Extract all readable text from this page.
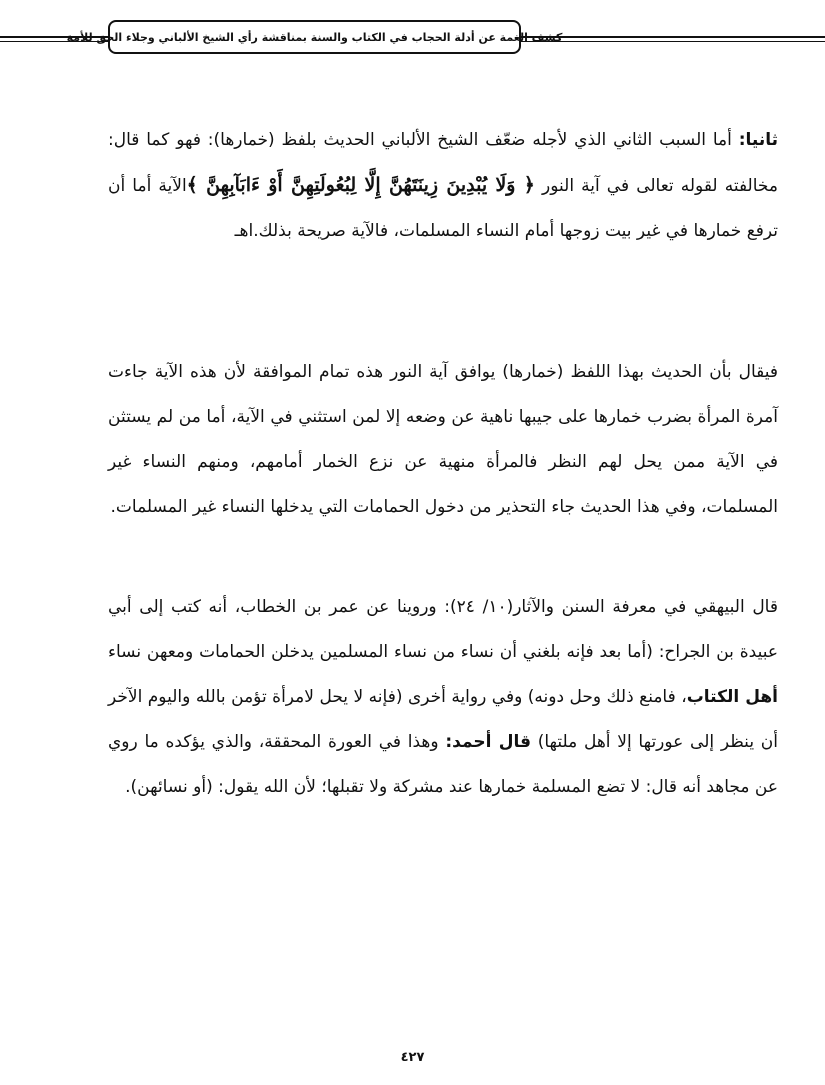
كشف الغمة عن أدلة الحجاب في الكتاب والسنة بمناقشة رأي الشيخ الألباني وجلاء الحق للأمة

ثانيا: أما السبب الثاني الذي لأجله ضعّف الشيخ الألباني الحديث بلفظ (خمارها): فهو كما قال: مخالفته لقوله تعالى في آية النور ﴿ وَلَا يُبْدِينَ زِينَتَهُنَّ إِلَّا لِبُعُولَتِهِنَّ أَوْ ءَابَآبِهِنَّ ﴾الآية أما أن ترفع خمارها في غير بيت زوجها أمام النساء المسلمات، فالآية صريحة بذلك.اهـ

فيقال بأن الحديث بهذا اللفظ (خمارها) يوافق آية النور هذه تمام الموافقة لأن هذه الآية جاءت آمرة المرأة بضرب خمارها على جيبها ناهية عن وضعه إلا لمن استثني في الآية، أما من لم يستثن في الآية ممن يحل لهم النظر فالمرأة منهية عن نزع الخمار أمامهم، ومنهم النساء غير المسلمات، وفي هذا الحديث جاء التحذير من دخول الحمامات التي يدخلها النساء غير المسلمات.

قال البيهقي في معرفة السنن والآثار(١٠/ ٢٤): وروينا عن عمر بن الخطاب، أنه كتب إلى أبي عبيدة بن الجراح: (أما بعد فإنه بلغني أن نساء من نساء المسلمين يدخلن الحمامات ومعهن نساء أهل الكتاب، فامنع ذلك وحل دونه) وفي رواية أخرى (فإنه لا يحل لامرأة تؤمن بالله واليوم الآخر أن ينظر إلى عورتها إلا أهل ملتها) قال أحمد: وهذا في العورة المحققة، والذي يؤكده ما روي عن مجاهد أنه قال: لا تضع المسلمة خمارها عند مشركة ولا تقبلها؛ لأن الله يقول: (أو نسائهن).

٤٢٧
